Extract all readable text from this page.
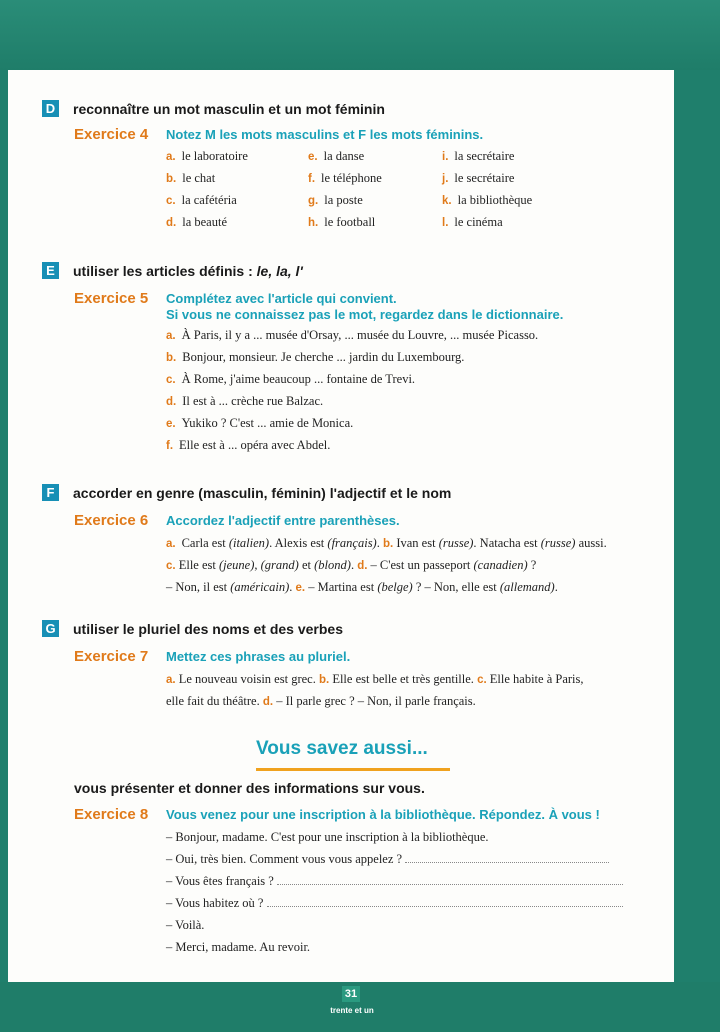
D reconnaître un mot masculin et un mot féminin
Exercice 4	Notez M les mots masculins et F les mots féminins.
a. le laboratoire	e. la danse	i. la secrétaire
b. le chat	f. le téléphone	j. le secrétaire
c. la cafétéria	g. la poste	k. la bibliothèque
d. la beauté	h. le football	l. le cinéma
E utiliser les articles définis : le, la, l'
Exercice 5	Complétez avec l'article qui convient.
Si vous ne connaissez pas le mot, regardez dans le dictionnaire.
a. À Paris, il y a ... musée d'Orsay, ... musée du Louvre, ... musée Picasso.
b. Bonjour, monsieur. Je cherche ... jardin du Luxembourg.
c. À Rome, j'aime beaucoup ... fontaine de Trevi.
d. Il est à ... crèche rue Balzac.
e. Yukiko ? C'est ... amie de Monica.
f. Elle est à ... opéra avec Abdel.
F	accorder en genre (masculin, féminin) l'adjectif et le nom
Exercice 6	Accordez l'adjectif entre parenthèses.
a. Carla est (italien). Alexis est (français). b. Ivan est (russe). Natacha est (russe) aussi.
c. Elle est (jeune), (grand) et (blond). d. – C'est un passeport (canadien) ?
– Non, il est (américain). e. – Martina est (belge) ? – Non, elle est (allemand).
G utiliser le pluriel des noms et des verbes
Exercice 7	Mettez ces phrases au pluriel.
a. Le nouveau voisin est grec. b. Elle est belle et très gentille. c. Elle habite à Paris,
elle fait du théâtre. d. – Il parle grec ? – Non, il parle français.
Vous savez aussi...
vous présenter et donner des informations sur vous.
Exercice 8	Vous venez pour une inscription à la bibliothèque. Répondez. À vous !
– Bonjour, madame. C'est pour une inscription à la bibliothèque.
– Oui, très bien. Comment vous vous appelez ?
– Vous êtes français ?
– Vous habitez où ?
– Voilà.
– Merci, madame. Au revoir.
31
trente et un
